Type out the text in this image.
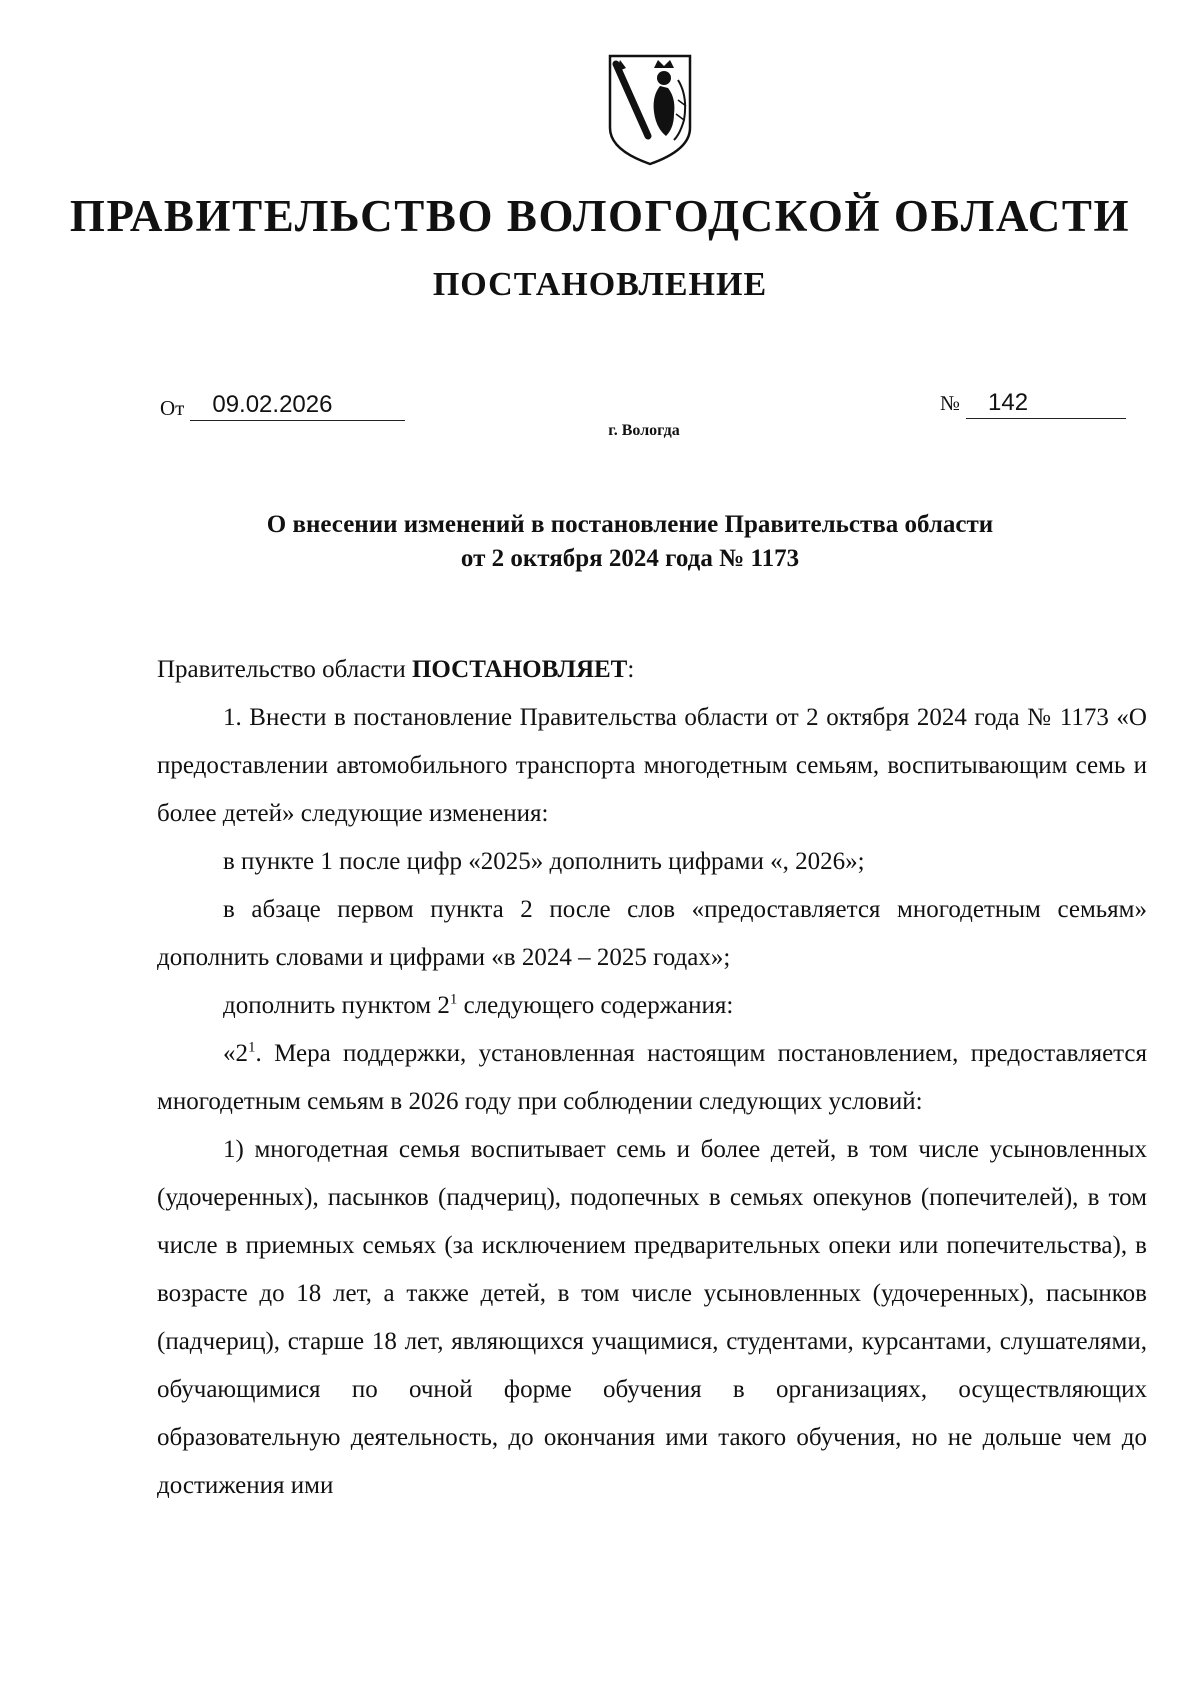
ПРАВИТЕЛЬСТВО ВОЛОГОДСКОЙ ОБЛАСТИ
ПОСТАНОВЛЕНИЕ
От 09.02.2026	№ 142
г. Вологда
О внесении изменений в постановление Правительства области
от 2 октября 2024 года № 1173

Правительство области ПОСТАНОВЛЯЕТ:

1. Внести в постановление Правительства области от 2 октября 2024 года № 1173 «О предоставлении автомобильного транспорта многодетным семьям, воспитывающим семь и более детей» следующие изменения:

в пункте 1 после цифр «2025» дополнить цифрами «, 2026»;

в абзаце первом пункта 2 после слов «предоставляется многодетным семьям» дополнить словами и цифрами «в 2024 – 2025 годах»;

дополнить пунктом $2^1$ следующего содержания:

«$2^1$. Мера поддержки, установленная настоящим постановлением, предоставляется многодетным семьям в 2026 году при соблюдении следующих условий:

1) многодетная семья воспитывает семь и более детей, в том числе усыновленных (удочеренных), пасынков (падчериц), подопечных в семьях опекунов (попечителей), в том числе в приемных семьях (за исключением предварительных опеки или попечительства), в возрасте до 18 лет, а также детей, в том числе усыновленных (удочеренных), пасынков (падчериц), старше 18 лет, являющихся учащимися, студентами, курсантами, слушателями, обучающимися по очной форме обучения в организациях, осуществляющих образовательную деятельность, до окончания ими такого обучения, но не дольше чем до достижения ими
